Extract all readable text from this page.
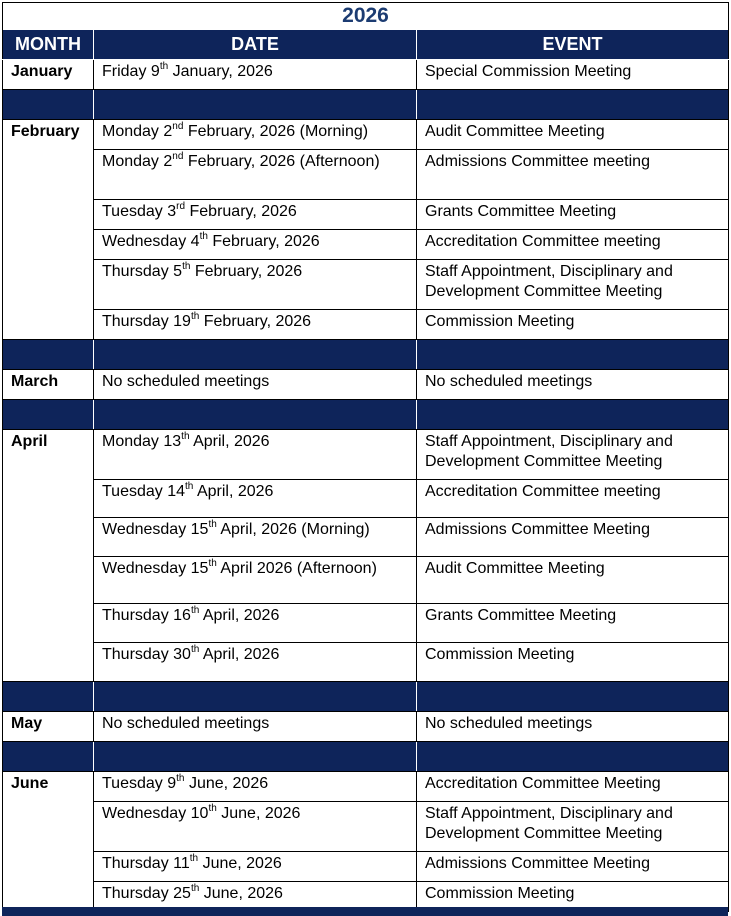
2026		
MONTH	DATE	EVENT
January	Friday 9th January, 2026	Special Commission Meeting

February	Monday 2nd February, 2026 (Morning)	Audit Committee Meeting
	Monday 2nd February, 2026 (Afternoon)	Admissions Committee meeting
	Tuesday 3rd February, 2026	Grants Committee Meeting
	Wednesday 4th February, 2026	Accreditation Committee meeting
	Thursday 5th February, 2026	Staff Appointment, Disciplinary and Development Committee Meeting
	Thursday 19th February, 2026	Commission Meeting

March	No scheduled meetings	No scheduled meetings

April	Monday 13th April, 2026	Staff Appointment, Disciplinary and Development Committee Meeting
	Tuesday 14th April, 2026	Accreditation Committee meeting
	Wednesday 15th April, 2026 (Morning)	Admissions Committee Meeting
	Wednesday 15th April 2026 (Afternoon)	Audit Committee Meeting
	Thursday 16th April, 2026	Grants Committee Meeting
	Thursday 30th April, 2026	Commission Meeting

May	No scheduled meetings	No scheduled meetings

June	Tuesday 9th June, 2026	Accreditation Committee Meeting
	Wednesday 10th June, 2026	Staff Appointment, Disciplinary and Development Committee Meeting
	Thursday 11th June, 2026	Admissions Committee Meeting
	Thursday 25th June, 2026	Commission Meeting
